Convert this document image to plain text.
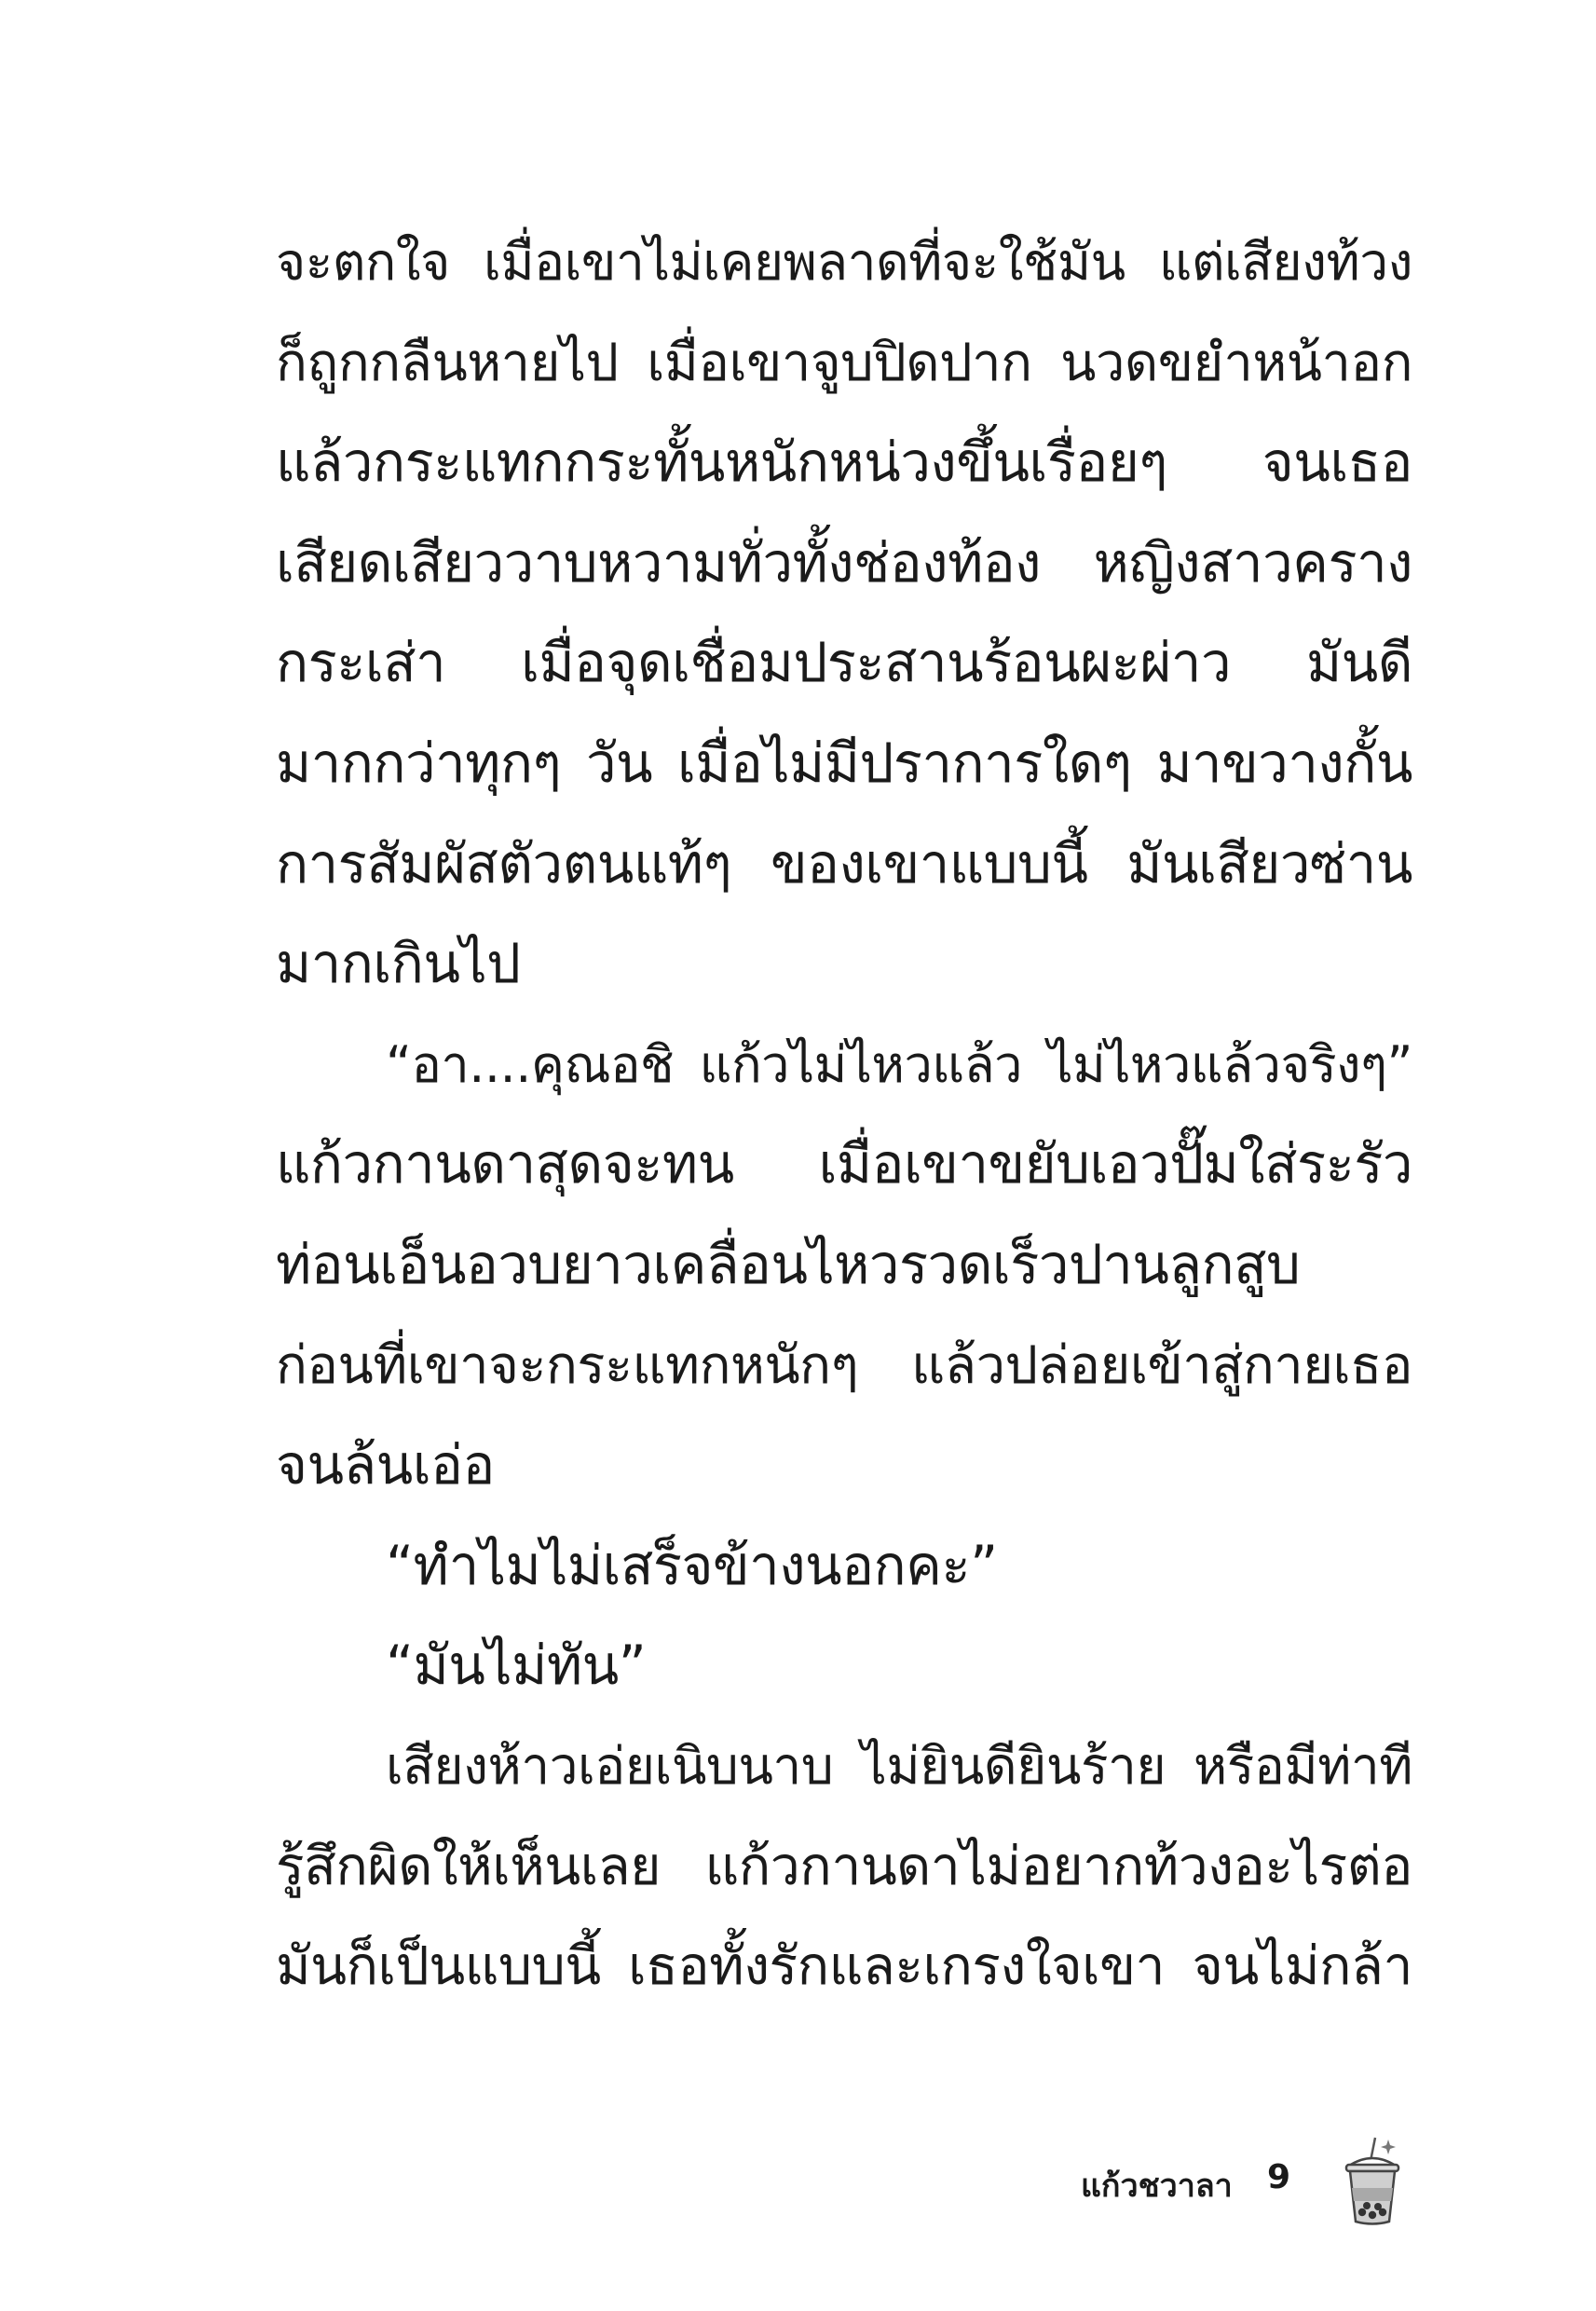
จะตกใจ เมื่อเขาไม่เคยพลาดที่จะใช้มัน แต่เสียงท้วง
ก็ถูกกลืนหายไป เมื่อเขาจูบปิดปาก นวดขยำหน้าอก
แล้วกระแทกกระทั้นหนักหน่วงขึ้นเรื่อยๆ จนเธอ
เสียดเสียววาบหวามทั่วทั้งช่องท้อง หญิงสาวคราง
กระเส่า เมื่อจุดเชื่อมประสานร้อนผะผ่าว มันดี
มากกว่าทุกๆ วัน เมื่อไม่มีปราการใดๆ มาขวางกั้น
การสัมผัสตัวตนแท้ๆ ของเขาแบบนี้ มันเสียวซ่าน
มากเกินไป
“อา....คุณอชิ แก้วไม่ไหวแล้ว ไม่ไหวแล้วจริงๆ”
แก้วกานดาสุดจะทน เมื่อเขาขยับเอวปั๊มใส่ระรัว
ท่อนเอ็นอวบยาวเคลื่อนไหวรวดเร็วปานลูกสูบ
ก่อนที่เขาจะกระแทกหนักๆ แล้วปล่อยเข้าสู่กายเธอ
จนล้นเอ่อ
“ทำไมไม่เสร็จข้างนอกคะ”
“มันไม่ทัน”
เสียงห้าวเอ่ยเนิบนาบ ไม่ยินดียินร้าย หรือมีท่าที
รู้สึกผิดให้เห็นเลย แก้วกานดาไม่อยากท้วงอะไรต่อ
มันก็เป็นแบบนี้ เธอทั้งรักและเกรงใจเขา จนไม่กล้า
แก้วชวาลา 9
